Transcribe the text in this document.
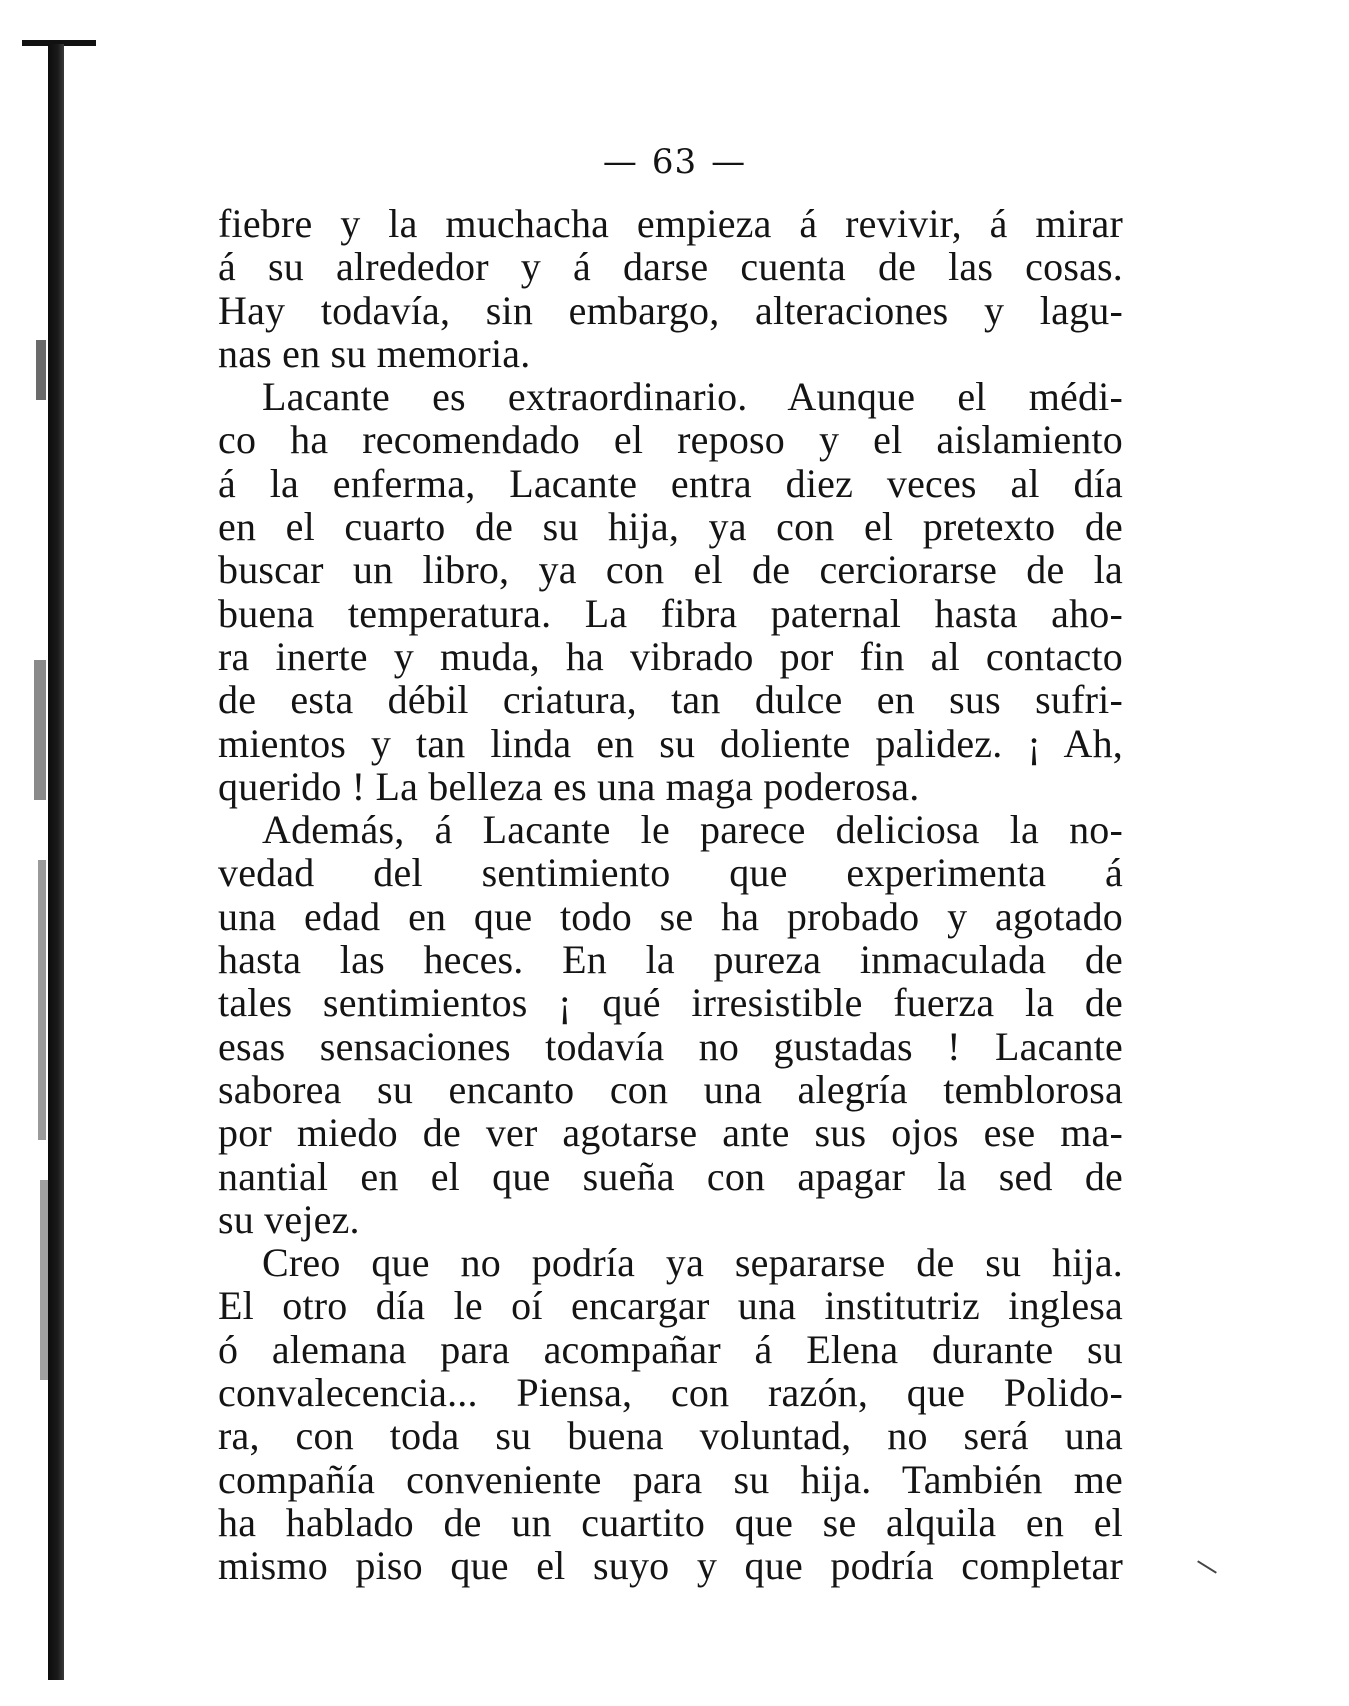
— 63 —
fiebre y la muchacha empieza á revivir, á mirar
á su alrededor y á darse cuenta de las cosas.
Hay todavía, sin embargo, alteraciones y lagu-
nas en su memoria.
Lacante es extraordinario. Aunque el médi-
co ha recomendado el reposo y el aislamiento
á la enferma, Lacante entra diez veces al día
en el cuarto de su hija, ya con el pretexto de
buscar un libro, ya con el de cerciorarse de la
buena temperatura. La fibra paternal hasta aho-
ra inerte y muda, ha vibrado por fin al contacto
de esta débil criatura, tan dulce en sus sufri-
mientos y tan linda en su doliente palidez. ¡ Ah,
querido ! La belleza es una maga poderosa.
Además, á Lacante le parece deliciosa la no-
vedad del sentimiento que experimenta á
una edad en que todo se ha probado y agotado
hasta las heces. En la pureza inmaculada de
tales sentimientos ¡ qué irresistible fuerza la de
esas sensaciones todavía no gustadas ! Lacante
saborea su encanto con una alegría temblorosa
por miedo de ver agotarse ante sus ojos ese ma-
nantial en el que sueña con apagar la sed de
su vejez.
Creo que no podría ya separarse de su hija.
El otro día le oí encargar una institutriz inglesa
ó alemana para acompañar á Elena durante su
convalecencia... Piensa, con razón, que Polido-
ra, con toda su buena voluntad, no será una
compañía conveniente para su hija. También me
ha hablado de un cuartito que se alquila en el
mismo piso que el suyo y que podría completar
